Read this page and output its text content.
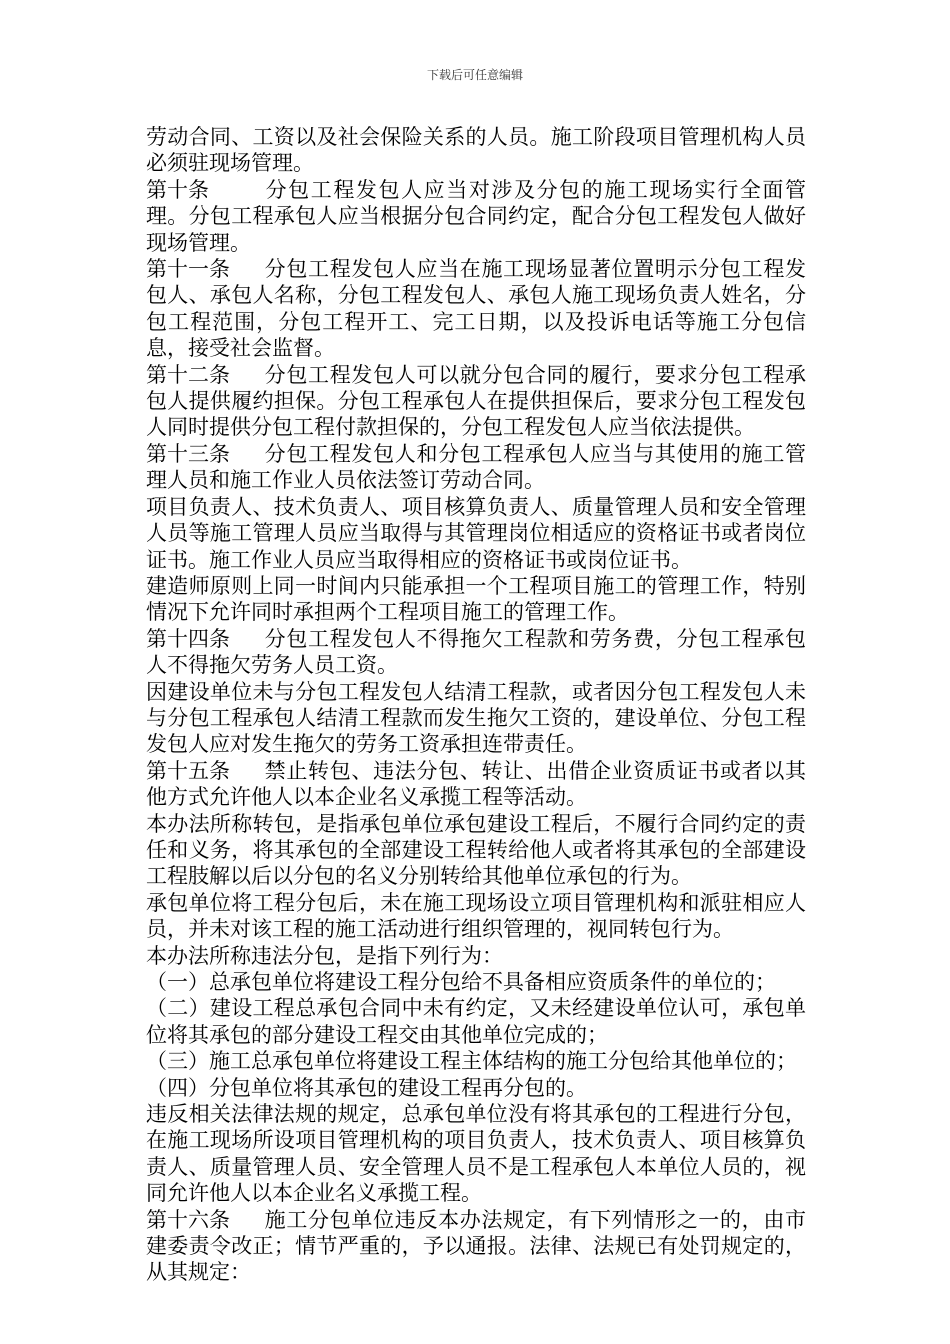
下载后可任意编辑

劳动合同、工资以及社会保险关系的人员。施工阶段项目管理机构人员必须驻现场管理。

第十条	分包工程发包人应当对涉及分包的施工现场实行全面管理。分包工程承包人应当根据分包合同约定，配合分包工程发包人做好现场管理。

第十一条 分包工程发包人应当在施工现场显著位置明示分包工程发包人、承包人名称，分包工程发包人、承包人施工现场负责人姓名，分包工程范围，分包工程开工、完工日期，以及投诉电话等施工分包信息，接受社会监督。

第十二条 分包工程发包人可以就分包合同的履行，要求分包工程承包人提供履约担保。分包工程承包人在提供担保后，要求分包工程发包人同时提供分包工程付款担保的，分包工程发包人应当依法提供。

第十三条 分包工程发包人和分包工程承包人应当与其使用的施工管理人员和施工作业人员依法签订劳动合同。

项目负责人、技术负责人、项目核算负责人、质量管理人员和安全管理人员等施工管理人员应当取得与其管理岗位相适应的资格证书或者岗位证书。施工作业人员应当取得相应的资格证书或岗位证书。

建造师原则上同一时间内只能承担一个工程项目施工的管理工作，特别情况下允许同时承担两个工程项目施工的管理工作。

第十四条 分包工程发包人不得拖欠工程款和劳务费，分包工程承包人不得拖欠劳务人员工资。

因建设单位未与分包工程发包人结清工程款，或者因分包工程发包人未与分包工程承包人结清工程款而发生拖欠工资的，建设单位、分包工程发包人应对发生拖欠的劳务工资承担连带责任。

第十五条 禁止转包、违法分包、转让、出借企业资质证书或者以其他方式允许他人以本企业名义承揽工程等活动。

本办法所称转包，是指承包单位承包建设工程后，不履行合同约定的责任和义务，将其承包的全部建设工程转给他人或者将其承包的全部建设工程肢解以后以分包的名义分别转给其他单位承包的行为。

承包单位将工程分包后，未在施工现场设立项目管理机构和派驻相应人员，并未对该工程的施工活动进行组织管理的，视同转包行为。

本办法所称违法分包，是指下列行为：

（一）总承包单位将建设工程分包给不具备相应资质条件的单位的；

（二）建设工程总承包合同中未有约定，又未经建设单位认可，承包单位将其承包的部分建设工程交由其他单位完成的；

（三）施工总承包单位将建设工程主体结构的施工分包给其他单位的；

（四）分包单位将其承包的建设工程再分包的。

违反相关法律法规的规定，总承包单位没有将其承包的工程进行分包，在施工现场所设项目管理机构的项目负责人，技术负责人、项目核算负责人、质量管理人员、安全管理人员不是工程承包人本单位人员的，视同允许他人以本企业名义承揽工程。

第十六条 施工分包单位违反本办法规定，有下列情形之一的，由市建委责令改正；情节严重的，予以通报。法律、法规已有处罚规定的，从其规定：
